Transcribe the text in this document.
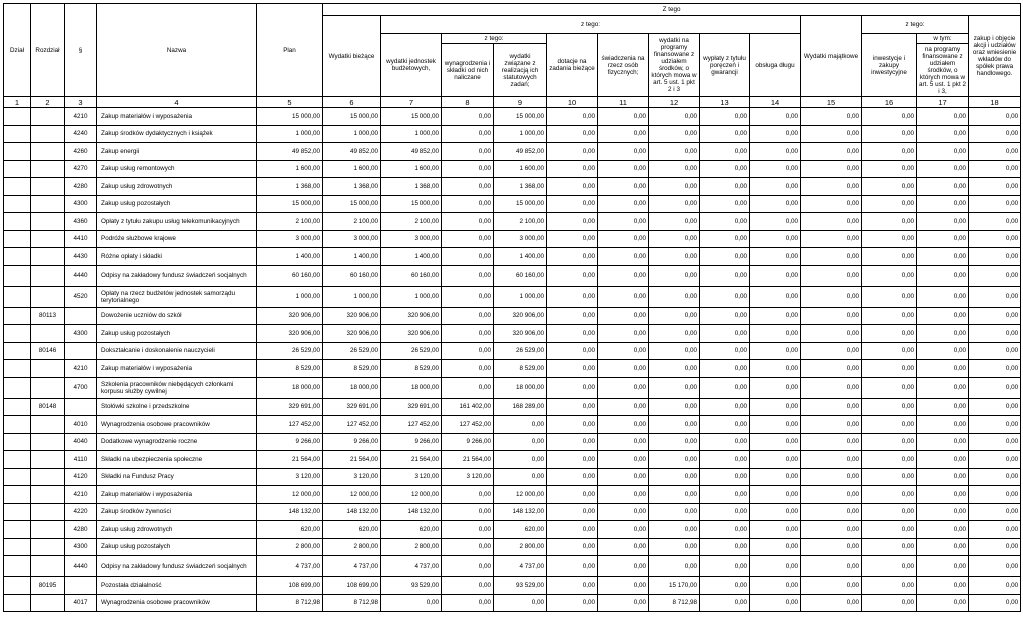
Dział	Rozdział	§	Nazwa	Plan	Z tego												
					Wydatki bieżące	z tego:								Wydatki majątkowe	z tego:		zakup i objęcie akcji i udziałów oraz wniesienie wkładów do spółek prawa handlowego.
						wydatki jednostek budżetowych,	z tego:		dotacje na zadania bieżące	świadczenia na rzecz osób fizycznych;	wydatki na programy finansowane z udziałem środków, o których mowa w art. 5 ust. 1 pkt 2 i 3	wypłaty z tytułu poręczeń i gwarancji	obsługa długu		inwestycje i zakupy inwestycyjne	w tym:	
							wynagrodzenia i składki od nich naliczane	wydatki związane z realizacją ich statutowych zadań;								na programy finansowane z udziałem środków, o których mowa w art. 5 ust. 1 pkt 2 i 3,	
1	2	3	4	5	6	7	8	9	10	11	12	13	14	15	16	17	18
		4210	Zakup materiałów i wyposażenia	15 000,00	15 000,00	15 000,00	0,00	15 000,00	0,00	0,00	0,00	0,00	0,00	0,00	0,00	0,00	0,00
		4240	Zakup środków dydaktycznych i książek	1 000,00	1 000,00	1 000,00	0,00	1 000,00	0,00	0,00	0,00	0,00	0,00	0,00	0,00	0,00	0,00
		4260	Zakup energii	49 852,00	49 852,00	49 852,00	0,00	49 852,00	0,00	0,00	0,00	0,00	0,00	0,00	0,00	0,00	0,00
		4270	Zakup usług remontowych	1 600,00	1 600,00	1 600,00	0,00	1 600,00	0,00	0,00	0,00	0,00	0,00	0,00	0,00	0,00	0,00
		4280	Zakup usług zdrowotnych	1 368,00	1 368,00	1 368,00	0,00	1 368,00	0,00	0,00	0,00	0,00	0,00	0,00	0,00	0,00	0,00
		4300	Zakup usług pozostałych	15 000,00	15 000,00	15 000,00	0,00	15 000,00	0,00	0,00	0,00	0,00	0,00	0,00	0,00	0,00	0,00
		4360	Opłaty z tytułu zakupu usług telekomunikacyjnych	2 100,00	2 100,00	2 100,00	0,00	2 100,00	0,00	0,00	0,00	0,00	0,00	0,00	0,00	0,00	0,00
		4410	Podróże służbowe krajowe	3 000,00	3 000,00	3 000,00	0,00	3 000,00	0,00	0,00	0,00	0,00	0,00	0,00	0,00	0,00	0,00
		4430	Różne opłaty i składki	1 400,00	1 400,00	1 400,00	0,00	1 400,00	0,00	0,00	0,00	0,00	0,00	0,00	0,00	0,00	0,00
		4440	Odpisy na zakładowy fundusz świadczeń socjalnych	60 160,00	60 160,00	60 160,00	0,00	60 160,00	0,00	0,00	0,00	0,00	0,00	0,00	0,00	0,00	0,00
		4520	Opłaty na rzecz budżetów jednostek samorządu terytorialnego	1 000,00	1 000,00	1 000,00	0,00	1 000,00	0,00	0,00	0,00	0,00	0,00	0,00	0,00	0,00	0,00
	80113		Dowożenie uczniów do szkół	320 906,00	320 906,00	320 906,00	0,00	320 906,00	0,00	0,00	0,00	0,00	0,00	0,00	0,00	0,00	0,00
		4300	Zakup usług pozostałych	320 906,00	320 906,00	320 906,00	0,00	320 906,00	0,00	0,00	0,00	0,00	0,00	0,00	0,00	0,00	0,00
	80146		Dokształcanie i doskonalenie nauczycieli	26 529,00	26 529,00	26 529,00	0,00	26 529,00	0,00	0,00	0,00	0,00	0,00	0,00	0,00	0,00	0,00
		4210	Zakup materiałów i wyposażenia	8 529,00	8 529,00	8 529,00	0,00	8 529,00	0,00	0,00	0,00	0,00	0,00	0,00	0,00	0,00	0,00
		4700	Szkolenia pracowników niebędących członkami korpusu służby cywilnej	18 000,00	18 000,00	18 000,00	0,00	18 000,00	0,00	0,00	0,00	0,00	0,00	0,00	0,00	0,00	0,00
	80148		Stołówki szkolne i przedszkolne	329 691,00	329 691,00	329 691,00	161 402,00	168 289,00	0,00	0,00	0,00	0,00	0,00	0,00	0,00	0,00	0,00
		4010	Wynagrodzenia osobowe pracowników	127 452,00	127 452,00	127 452,00	127 452,00	0,00	0,00	0,00	0,00	0,00	0,00	0,00	0,00	0,00	0,00
		4040	Dodatkowe wynagrodzenie roczne	9 266,00	9 266,00	9 266,00	9 266,00	0,00	0,00	0,00	0,00	0,00	0,00	0,00	0,00	0,00	0,00
		4110	Składki na ubezpieczenia społeczne	21 564,00	21 564,00	21 564,00	21 564,00	0,00	0,00	0,00	0,00	0,00	0,00	0,00	0,00	0,00	0,00
		4120	Składki na Fundusz Pracy	3 120,00	3 120,00	3 120,00	3 120,00	0,00	0,00	0,00	0,00	0,00	0,00	0,00	0,00	0,00	0,00
		4210	Zakup materiałów i wyposażenia	12 000,00	12 000,00	12 000,00	0,00	12 000,00	0,00	0,00	0,00	0,00	0,00	0,00	0,00	0,00	0,00
		4220	Zakup środków żywności	148 132,00	148 132,00	148 132,00	0,00	148 132,00	0,00	0,00	0,00	0,00	0,00	0,00	0,00	0,00	0,00
		4280	Zakup usług zdrowotnych	620,00	620,00	620,00	0,00	620,00	0,00	0,00	0,00	0,00	0,00	0,00	0,00	0,00	0,00
		4300	Zakup usług pozostałych	2 800,00	2 800,00	2 800,00	0,00	2 800,00	0,00	0,00	0,00	0,00	0,00	0,00	0,00	0,00	0,00
		4440	Odpisy na zakładowy fundusz świadczeń socjalnych	4 737,00	4 737,00	4 737,00	0,00	4 737,00	0,00	0,00	0,00	0,00	0,00	0,00	0,00	0,00	0,00
	80195		Pozostała działalność	108 699,00	108 699,00	93 529,00	0,00	93 529,00	0,00	0,00	15 170,00	0,00	0,00	0,00	0,00	0,00	0,00
		4017	Wynagrodzenia osobowe pracowników	8 712,98	8 712,98	0,00	0,00	0,00	0,00	0,00	8 712,98	0,00	0,00	0,00	0,00	0,00	0,00
